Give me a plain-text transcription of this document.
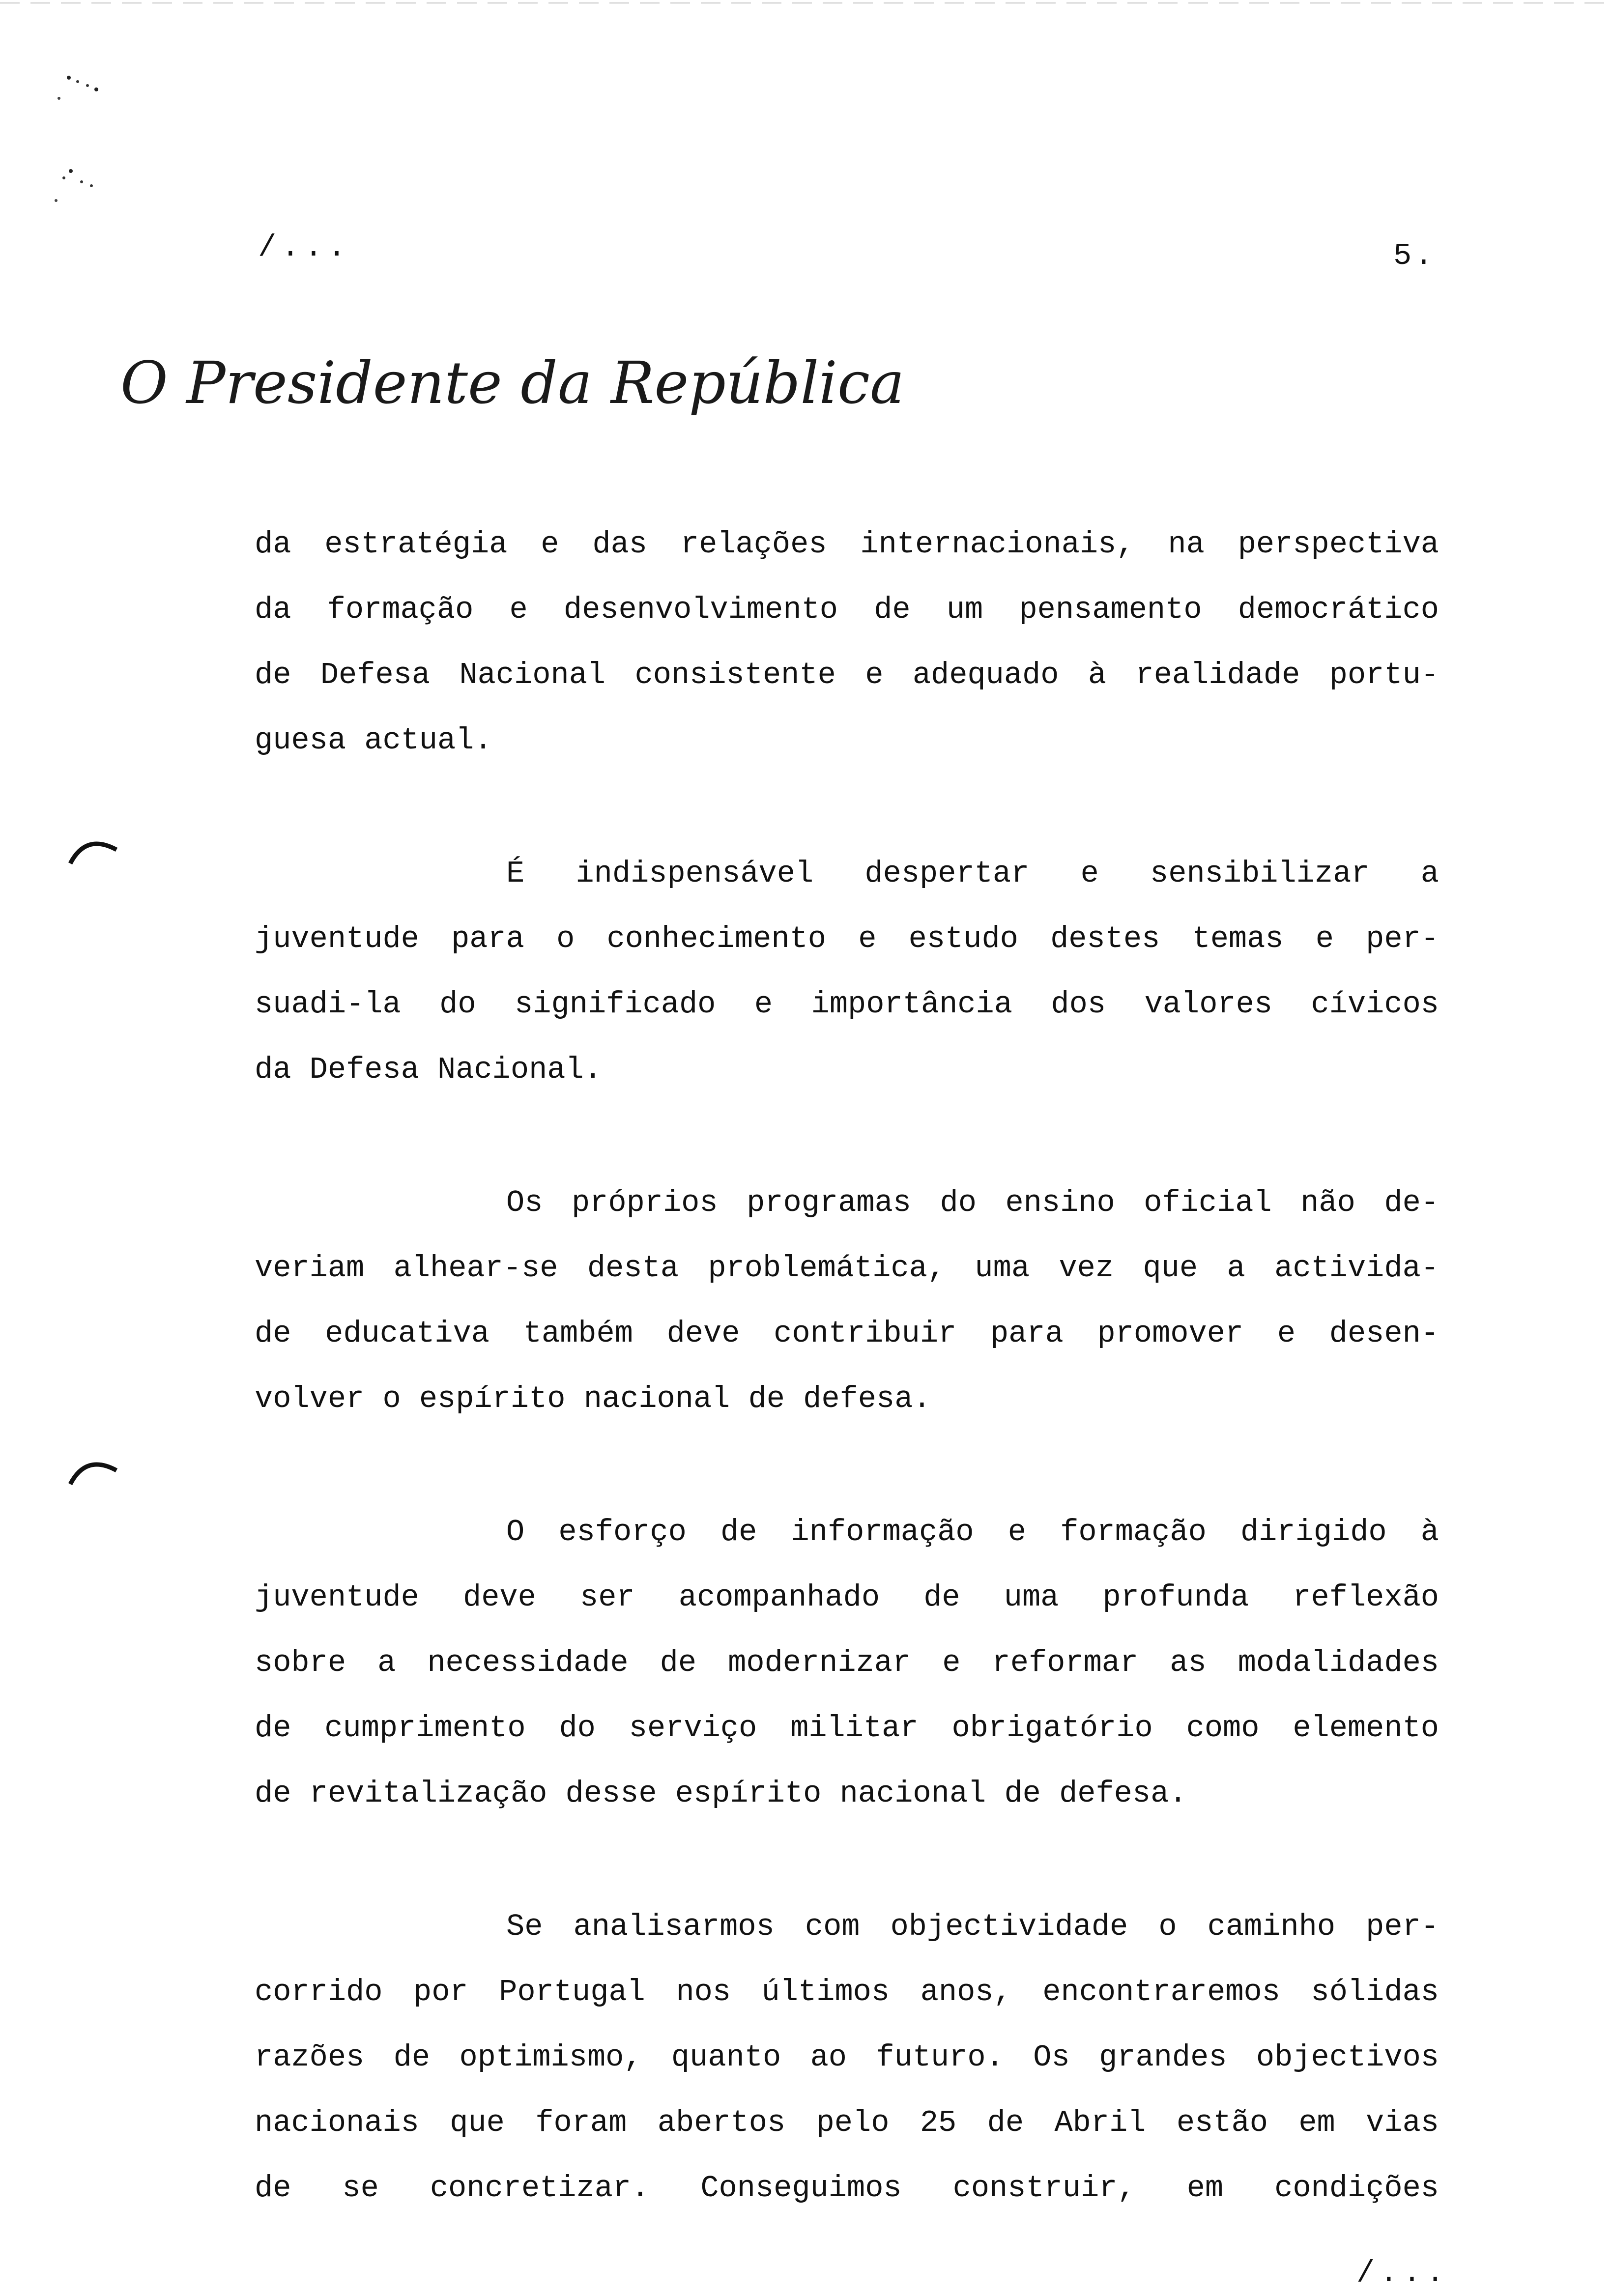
/...	5.
O Presidente da República
da estratégia e das relações internacionais, na perspectiva
da formação e desenvolvimento de um pensamento democrático
de Defesa Nacional consistente e adequado à realidade portu-
guesa actual.
É indispensável despertar e sensibilizar a
juventude para o conhecimento e estudo destes temas e per-
suadi-la do significado e importância dos valores cívicos
da Defesa Nacional.
Os próprios programas do ensino oficial não de-
veriam alhear-se desta problemática, uma vez que a activida-
de educativa também deve contribuir para promover e desen-
volver o espírito nacional de defesa.
O esforço de informação e formação dirigido à
juventude deve ser acompanhado de uma profunda reflexão
sobre a necessidade de modernizar e reformar as modalidades
de cumprimento do serviço militar obrigatório como elemento
de revitalização desse espírito nacional de defesa.
Se analisarmos com objectividade o caminho per-
corrido por Portugal nos últimos anos, encontraremos sólidas
razões de optimismo, quanto ao futuro. Os grandes objectivos
nacionais que foram abertos pelo 25 de Abril estão em vias
de se concretizar. Conseguimos construir, em condições
/...
